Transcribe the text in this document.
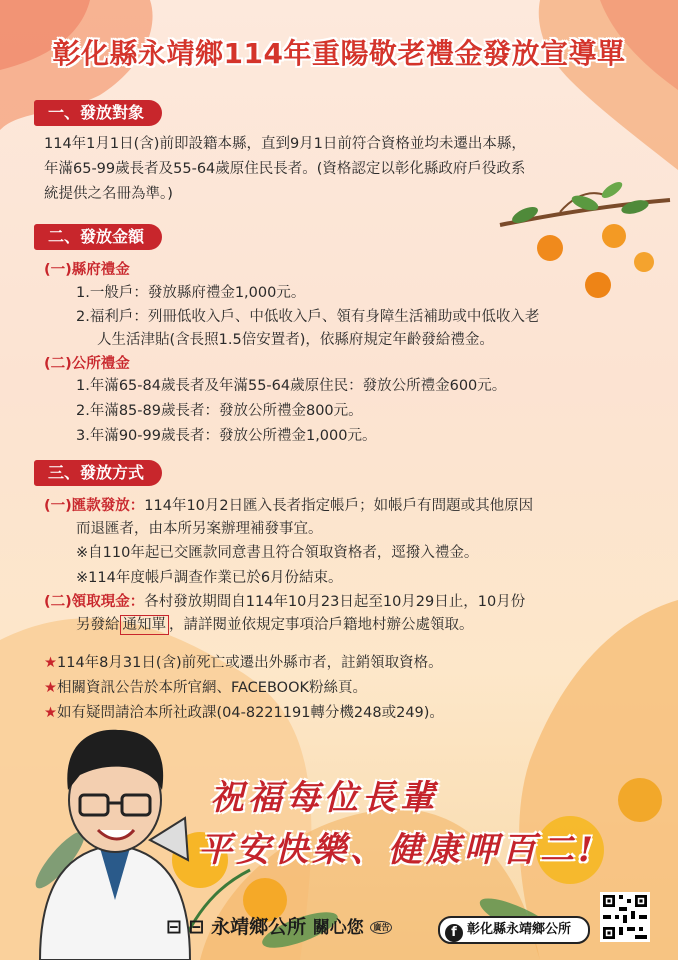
彰化縣永靖鄉114年重陽敬老禮金發放宣導單
一、發放對象
114年1月1日(含)前即設籍本縣，直到9月1日前符合資格並均未遷出本縣，
年滿65-99歲長者及55-64歲原住民長者。(資格認定以彰化縣政府戶役政系
統提供之名冊為準。)
二、發放金額
(一)縣府禮金
1.一般戶：發放縣府禮金1,000元。
2.福利戶：列冊低收入戶、中低收入戶、領有身障生活補助或中低收入老
人生活津貼(含長照1.5倍安置者)，依縣府規定年齡發給禮金。
(二)公所禮金
1.年滿65-84歲長者及年滿55-64歲原住民：發放公所禮金600元。
2.年滿85-89歲長者：發放公所禮金800元。
3.年滿90-99歲長者：發放公所禮金1,000元。
三、發放方式
(一)匯款發放：114年10月2日匯入長者指定帳戶；如帳戶有問題或其他原因
而退匯者，由本所另案辦理補發事宜。
※自110年起已交匯款同意書且符合領取資格者，逕撥入禮金。
※114年度帳戶調查作業已於6月份結束。
(二)領取現金：各村發放期間自114年10月23日起至10月29日止，10月份
另發給 通知單 ，請詳閱並依規定事項洽戶籍地村辦公處領取。
★114年8月31日(含)前死亡或遷出外縣市者，註銷領取資格。
★相關資訊公告於本所官網、FACEBOOK粉絲頁。
★如有疑問請洽本所社政課(04-8221191轉分機248或249)。
祝福每位長輩
平安快樂、健康呷百二!
⊟ ⊟ 永靖鄉公所 關心您 廣告	f 彰化縣永靖鄉公所
